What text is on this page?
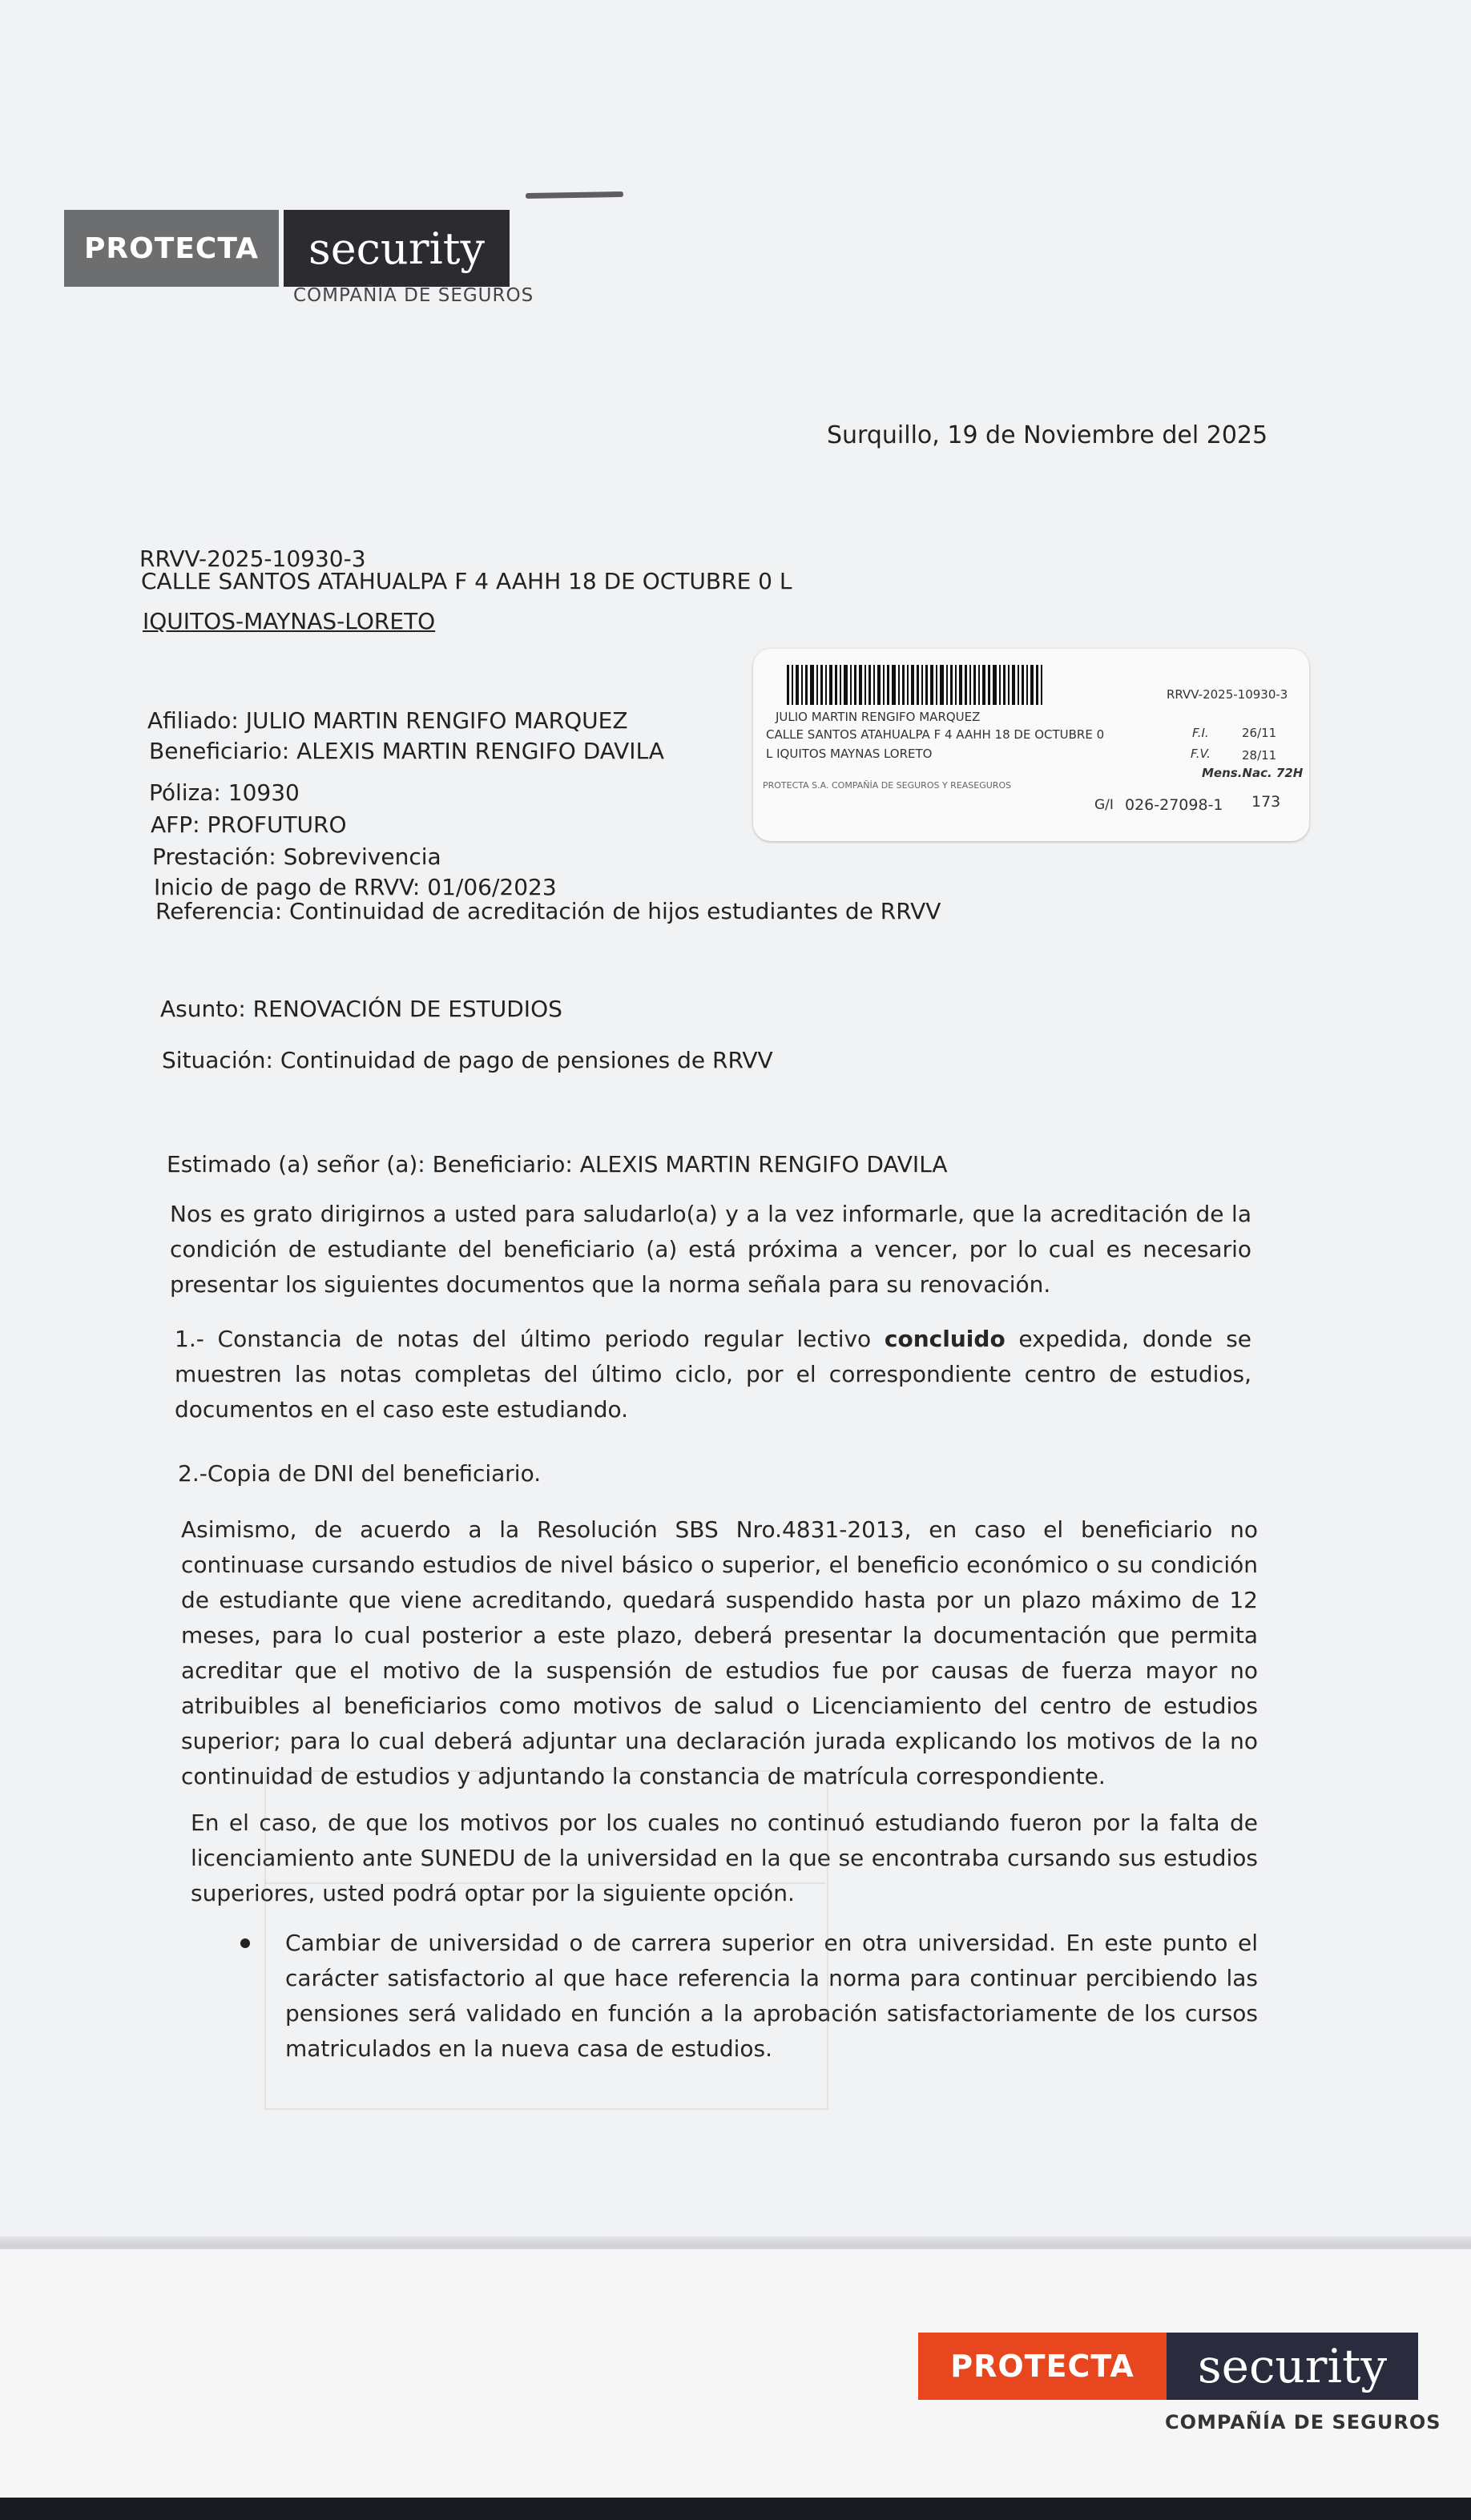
PROTECTA	security
COMPAÑÍA DE SEGUROS
Surquillo, 19 de Noviembre del 2025
RRVV-2025-10930-3
CALLE SANTOS ATAHUALPA F 4 AAHH 18 DE OCTUBRE 0 L
IQUITOS-MAYNAS-LORETO
Afiliado: JULIO MARTIN RENGIFO MARQUEZ
Beneficiario: ALEXIS MARTIN RENGIFO DAVILA
Póliza: 10930
AFP: PROFUTURO
Prestación: Sobrevivencia
Inicio de pago de RRVV: 01/06/2023
Referencia: Continuidad de acreditación de hijos estudiantes de RRVV
RRVV-2025-10930-3
JULIO MARTIN RENGIFO MARQUEZ
CALLE SANTOS ATAHUALPA F 4 AAHH 18 DE OCTUBRE 0
L IQUITOS MAYNAS LORETO
F.I.	26/11
F.V.	28/11
Mens.Nac. 72H
PROTECTA S.A. COMPAÑÍA DE SEGUROS Y REASEGUROS
G/I 026-27098-1 173
Asunto: RENOVACIÓN DE ESTUDIOS
Situación: Continuidad de pago de pensiones de RRVV
Estimado (a) señor (a): Beneficiario: ALEXIS MARTIN RENGIFO DAVILA
Nos es grato dirigirnos a usted para saludarlo(a) y a la vez informarle, que la acreditación de la condición de estudiante del beneficiario (a) está próxima a vencer, por lo cual es necesario presentar los siguientes documentos que la norma señala para su renovación.
1.- Constancia de notas del último periodo regular lectivo concluido expedida, donde se muestren las notas completas del último ciclo, por el correspondiente centro de estudios, documentos en el caso este estudiando.
2.-Copia de DNI del beneficiario.
Asimismo, de acuerdo a la Resolución SBS Nro.4831-2013, en caso el beneficiario no continuase cursando estudios de nivel básico o superior, el beneficio económico o su condición de estudiante que viene acreditando, quedará suspendido hasta por un plazo máximo de 12 meses, para lo cual posterior a este plazo, deberá presentar la documentación que permita acreditar que el motivo de la suspensión de estudios fue por causas de fuerza mayor no atribuibles al beneficiarios como motivos de salud o Licenciamiento del centro de estudios superior; para lo cual deberá adjuntar una declaración jurada explicando los motivos de la no continuidad de estudios y adjuntando la constancia de matrícula correspondiente.
En el caso, de que los motivos por los cuales no continuó estudiando fueron por la falta de licenciamiento ante SUNEDU de la universidad en la que se encontraba cursando sus estudios superiores, usted podrá optar por la siguiente opción.
Cambiar de universidad o de carrera superior en otra universidad. En este punto el carácter satisfactorio al que hace referencia la norma para continuar percibiendo las pensiones será validado en función a la aprobación satisfactoriamente de los cursos matriculados en la nueva casa de estudios.
PROTECTA	security
COMPAÑÍA DE SEGUROS
